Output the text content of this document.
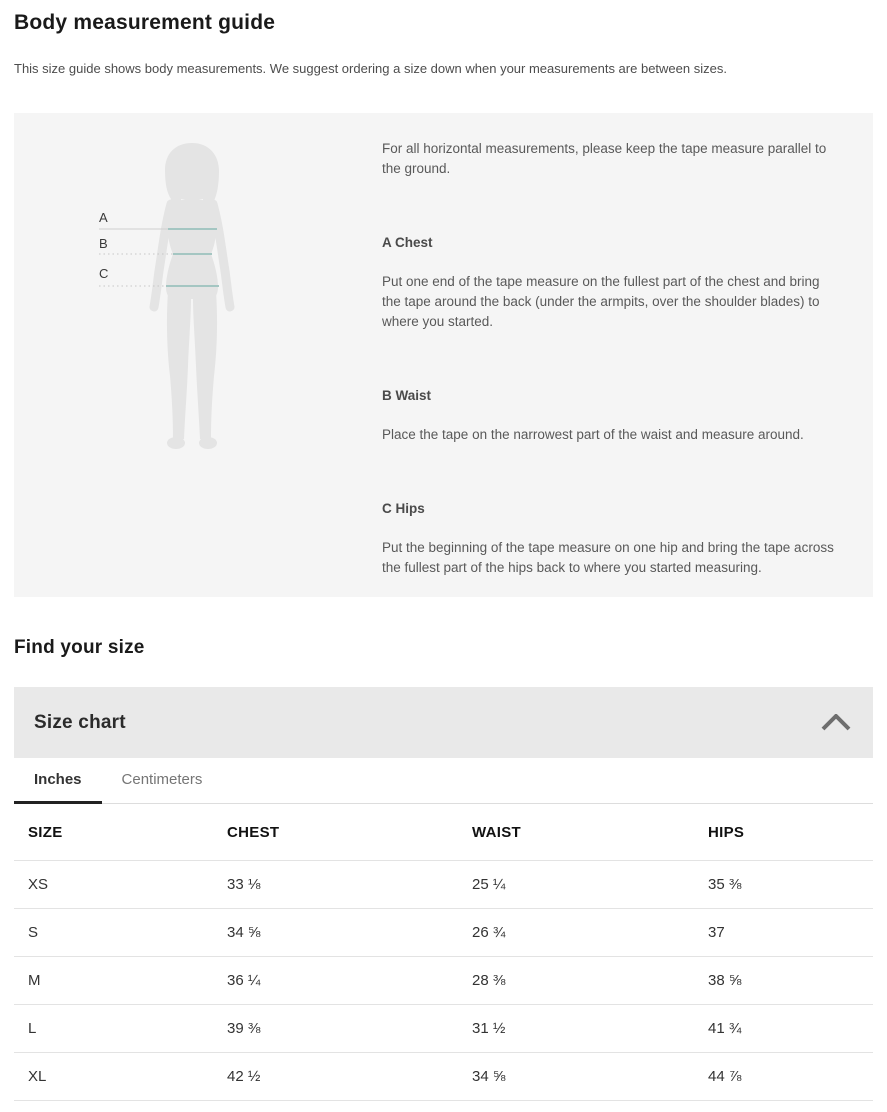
Body measurement guide

This size guide shows body measurements. We suggest ordering a size down when your measurements are between sizes.

A
B
C

For all horizontal measurements, please keep the tape measure parallel to the ground.

A Chest

Put one end of the tape measure on the fullest part of the chest and bring the tape around the back (under the armpits, over the shoulder blades) to where you started.

B Waist

Place the tape on the narrowest part of the waist and measure around.

C Hips

Put the beginning of the tape measure on one hip and bring the tape across the fullest part of the hips back to where you started measuring.

Find your size
Size chart
Inches	Centimeters
SIZE	CHEST	WAIST	HIPS
XS	33 ⅛	25 ¼	35 ⅜
S	34 ⅝	26 ¾	37
M	36 ¼	28 ⅜	38 ⅝
L	39 ⅜	31 ½	41 ¾
XL	42 ½	34 ⅝	44 ⅞
